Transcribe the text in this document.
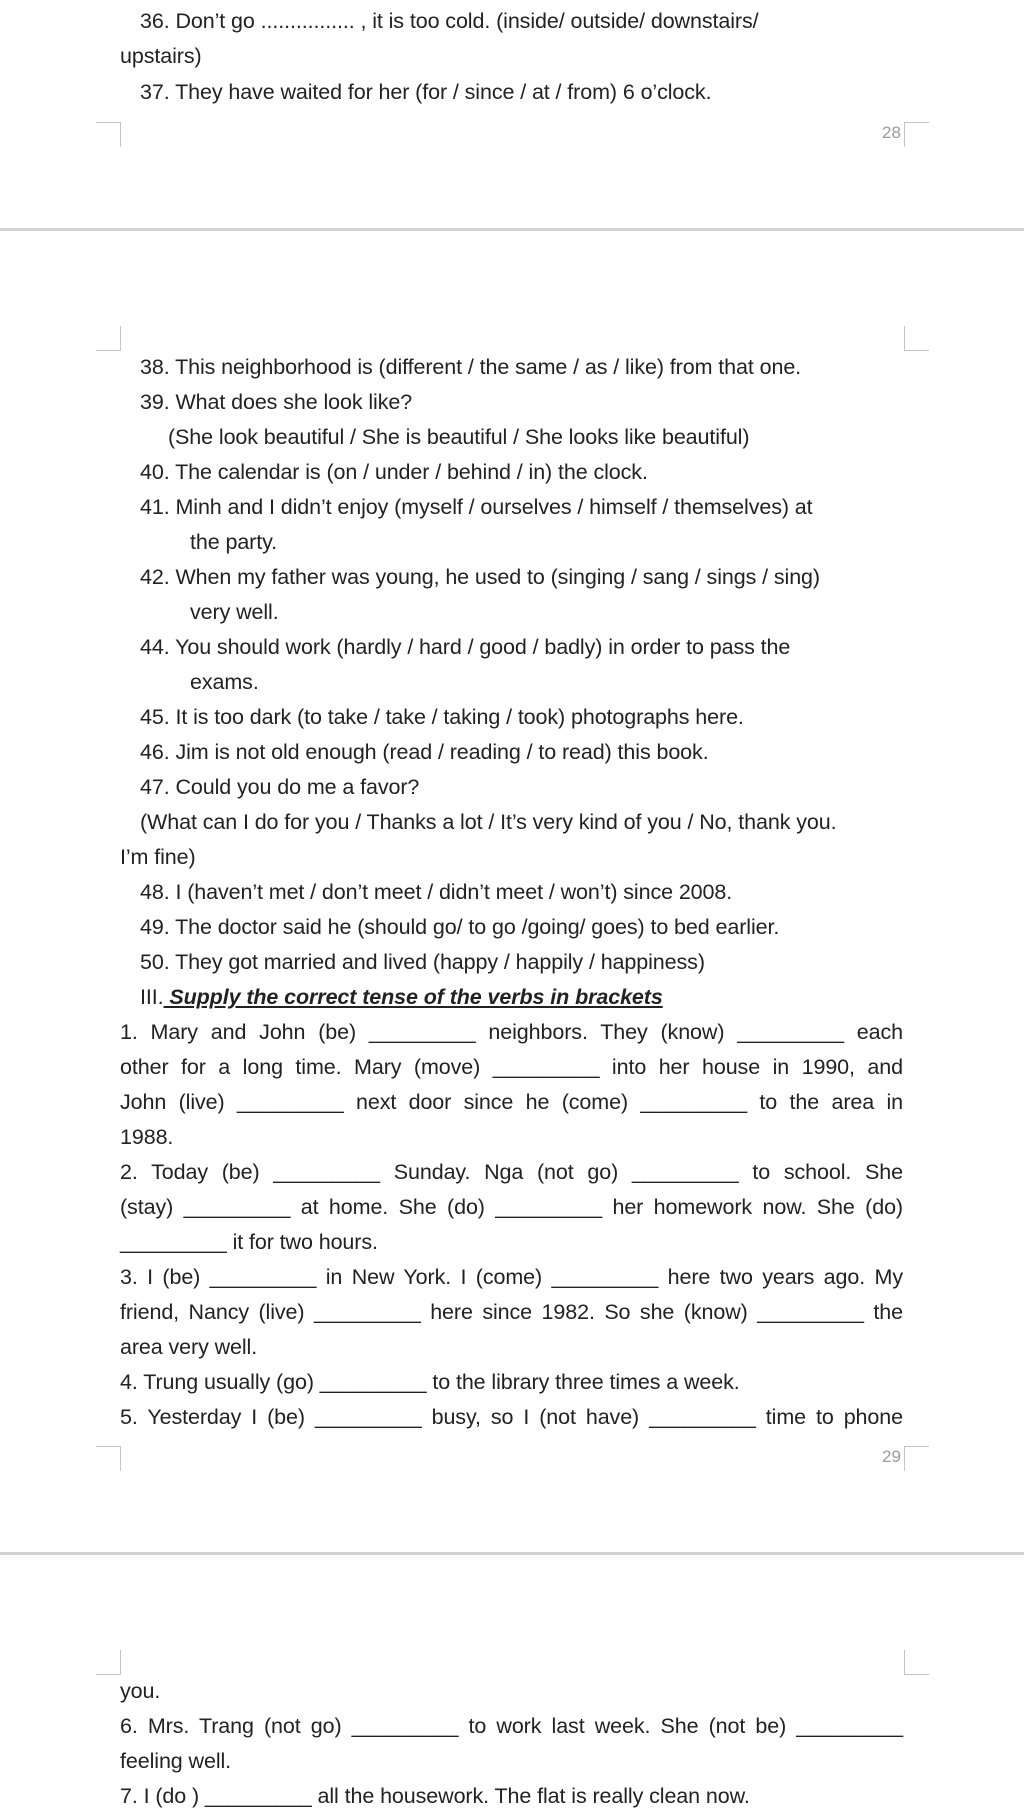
36. Don’t go ................ , it is too cold. (inside/ outside/ downstairs/
upstairs)
37. They have waited for her (for / since / at / from) 6 o’clock.
28
38. This neighborhood is (different / the same / as / like) from that one.
39. What does she look like?
(She look beautiful / She is beautiful / She looks like beautiful)
40. The calendar is (on / under / behind / in) the clock.
41. Minh and I didn’t enjoy (myself / ourselves / himself / themselves) at
the party.
42. When my father was young, he used to (singing / sang / sings / sing)
very well.
44. You should work (hardly / hard / good / badly) in order to pass the
exams.
45. It is too dark (to take / take / taking / took) photographs here.
46. Jim is not old enough (read / reading / to read) this book.
47. Could you do me a favor?
(What can I do for you / Thanks a lot / It’s very kind of you / No, thank you.
I’m fine)
48. I (haven’t met / don’t meet / didn’t meet / won’t) since 2008.
49. The doctor said he (should go/ to go /going/ goes) to bed earlier.
50. They got married and lived (happy / happily / happiness)
III. Supply the correct tense of the verbs in brackets
1. Mary and John (be) _________ neighbors. They (know) _________ each
other for a long time. Mary (move) _________ into her house in 1990, and
John (live) _________ next door since he (come) _________ to the area in
1988.
2. Today (be) _________ Sunday. Nga (not go) _________ to school. She
(stay) _________ at home. She (do) _________ her homework now. She (do)
_________ it for two hours.
3. I (be) _________ in New York. I (come) _________ here two years ago. My
friend, Nancy (live) _________ here since 1982. So she (know) _________ the
area very well.
4. Trung usually (go) _________ to the library three times a week.
5. Yesterday I (be) _________ busy, so I (not have) _________ time to phone
29
you.
6. Mrs. Trang (not go) _________ to work last week. She (not be) _________
feeling well.
7. I (do ) _________ all the housework. The flat is really clean now.
